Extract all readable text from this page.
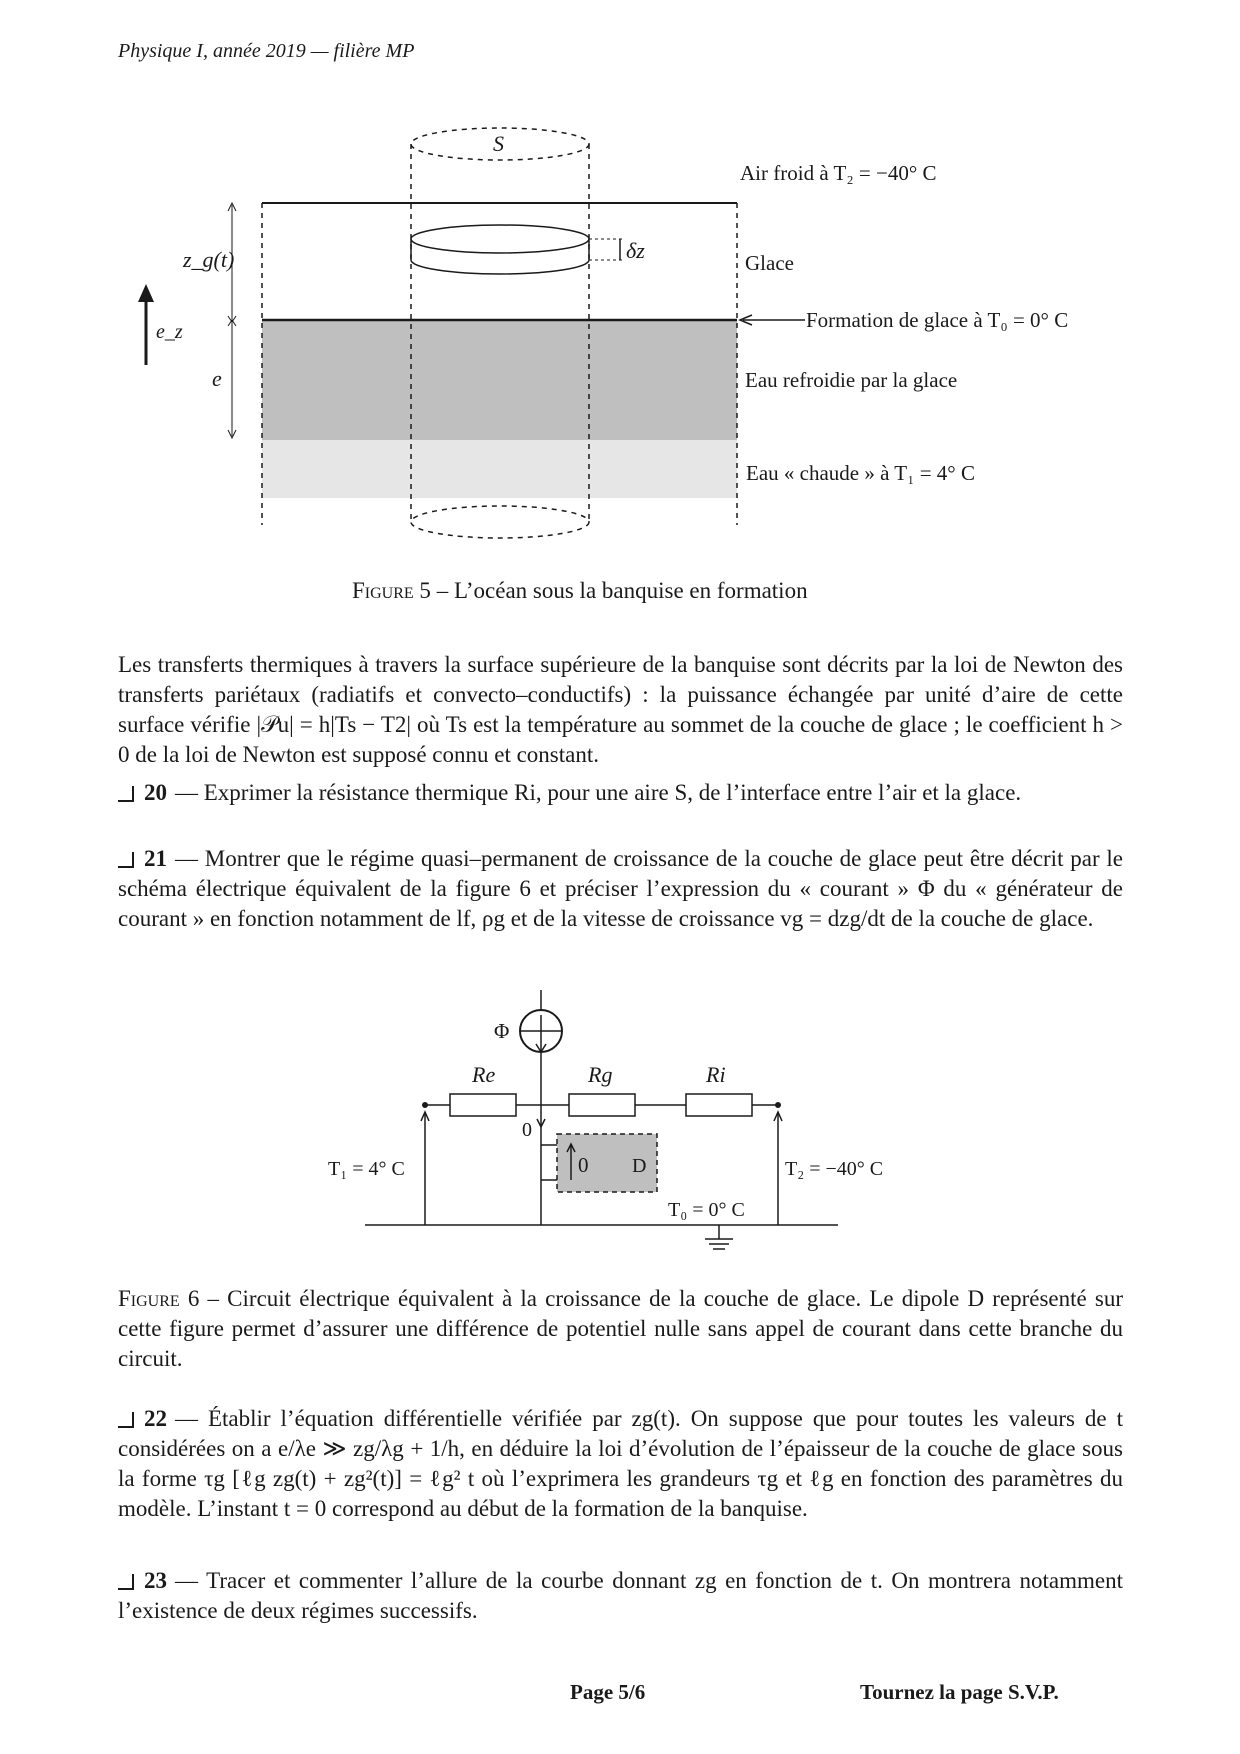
Physique I, année 2019 — filière MP
δz
S
z_g(t)
e
e_z
Air froid à T₂ = −40° C
Glace
Formation de glace à T₀ = 0° C
Eau refroidie par la glace
Eau « chaude » à T₁ = 4° C
Figure 5 – L’océan sous la banquise en formation
Les transferts thermiques à travers la surface supérieure de la banquise sont décrits par la loi de Newton des transferts pariétaux (radiatifs et convecto–conductifs) : la puissance échangée par unité d’aire de cette surface vérifie |𝒫u| = h|Ts − T2| où Ts est la température au sommet de la couche de glace ; le coefficient h > 0 de la loi de Newton est supposé connu et constant.
20 — Exprimer la résistance thermique Ri, pour une aire S, de l’interface entre l’air et la glace.
21 — Montrer que le régime quasi–permanent de croissance de la couche de glace peut être décrit par le schéma électrique équivalent de la figure 6 et préciser l’expression du « courant » Φ du « générateur de courant » en fonction notamment de lf, ρg et de la vitesse de croissance vg = dzg/dt de la couche de glace.
Re	Rg	Ri
Φ
0
0 D
T₁ = 4° C	T₂ = −40° C
T₀ = 0° C
Figure 6 – Circuit électrique équivalent à la croissance de la couche de glace. Le dipole D représenté sur cette figure permet d’assurer une différence de potentiel nulle sans appel de courant dans cette branche du circuit.
22 — Établir l’équation différentielle vérifiée par zg(t). On suppose que pour toutes les valeurs de t considérées on a e/λe ≫ zg/λg + 1/h, en déduire la loi d’évolution de l’épaisseur de la couche de glace sous la forme τg [ℓg zg(t) + zg²(t)] = ℓg² t où l’exprimera les grandeurs τg et ℓg en fonction des paramètres du modèle. L’instant t = 0 correspond au début de la formation de la banquise.
23 — Tracer et commenter l’allure de la courbe donnant zg en fonction de t. On montrera notamment l’existence de deux régimes successifs.
Page 5/6	Tournez la page S.V.P.
